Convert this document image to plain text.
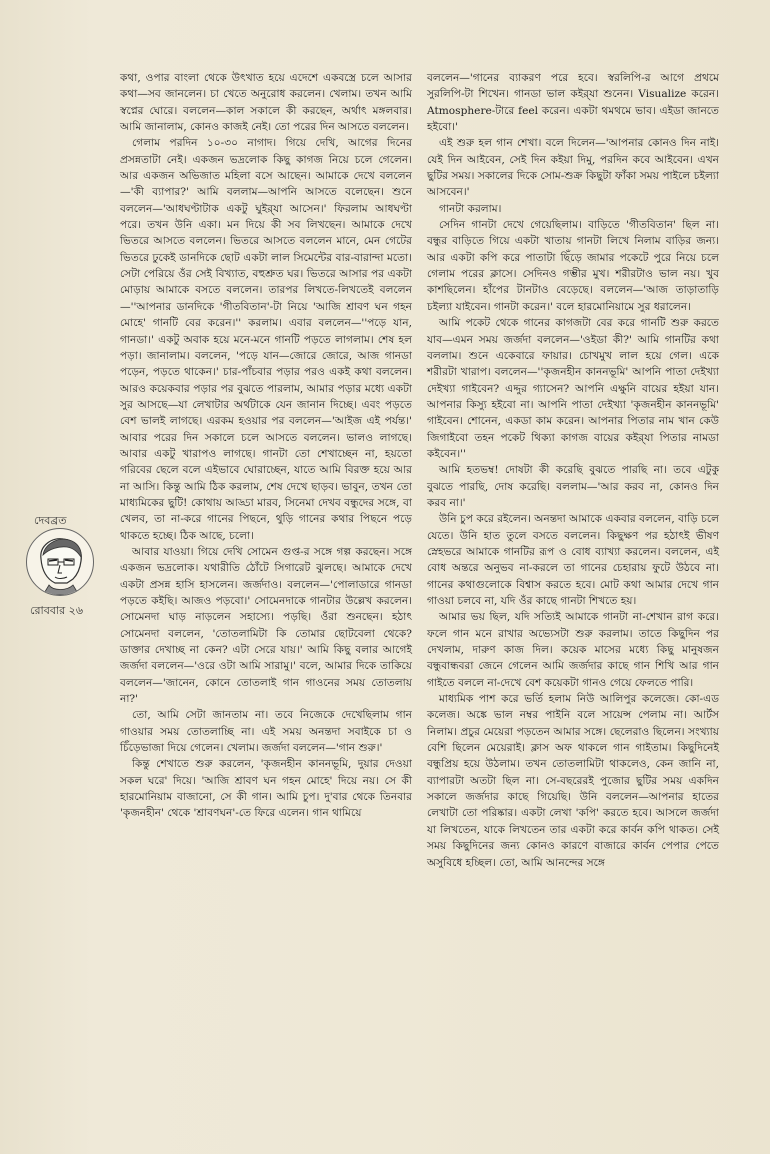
কথা, ওপার বাংলা থেকে উৎখাত হয়ে এদেশে একবস্ত্রে চলে আসার কথা—সব জানলেন। চা খেতে অনুরোধ করলেন। খেলাম। তখন আমি স্বপ্নের ঘোরে। বললেন—কাল সকালে কী করছেন, অর্থাৎ মঙ্গলবার। আমি জানালাম, কোনও কাজই নেই। তো পরের দিন আসতে বললেন।

গেলাম পরদিন ১০-৩০ নাগাদ। গিয়ে দেখি, আগের দিনের প্রসন্নতাটা নেই। একজন ভদ্রলোক কিছু কাগজ নিয়ে চলে গেলেন। আর একজন অভিজাত মহিলা বসে আছেন। আমাকে দেখে বললেন—'কী ব্যাপার?' আমি বললাম—আপনি আসতে বলেছেন। শুনে বললেন—'আধঘণ্টাটাক একটু ঘুইর্‌যা আসেন।' ফিরলাম আধঘণ্টা পরে। তখন উনি একা। মন দিয়ে কী সব লিখছেন। আমাকে দেখে ভিতরে আসতে বললেন। ভিতরে আসতে বললেন মানে, মেন গেটের ভিতরে ঢুকেই ডানদিকে ছোট একটা লাল সিমেন্টের বার-বারান্দা মতো। সেটা পেরিয়ে ওঁর সেই বিখ্যাত, বহুশ্রুত ঘর। ভিতরে আসার পর একটা মোড়ায় আমাকে বসতে বললেন। তারপর লিখতে-লিখতেই বললেন—''আপনার ডানদিকে 'গীতবিতান'-টা নিয়ে 'আজি শ্রাবণ ঘন গহন মোহে' গানটি বের করেন।'' করলাম। এবার বললেন—''পড়ে যান, গানডা।' একটু অবাক হয়ে মনে-মনে গানটি পড়তে লাগলাম। শেষ হল পড়া। জানালাম। বললেন, 'পড়ে যান—জোরে জোরে, আজ গানডা পড়েন, পড়তে থাকেন।' চার-পাঁচবার পড়ার পরও একই কথা বললেন। আরও কয়েকবার পড়ার পর বুঝতে পারলাম, আমার পড়ার মধ্যে একটা সুর আসছে—যা লেখাটার অর্থটাকে যেন জানান দিচ্ছে। এবং পড়তে বেশ ভালই লাগছে। এরকম হওয়ার পর বললেন—'আইজ এই পর্যন্ত।' আবার পরের দিন সকালে চলে আসতে বললেন। ভালও লাগছে। আবার একটু খারাপও লাগছে। গানটা তো শেখাচ্ছেন না, হয়তো গরিবের ছেলে বলে এইভাবে ঘোরাচ্ছেন, যাতে আমি বিরক্ত হয়ে আর না আসি। কিন্তু আমি ঠিক করলাম, শেষ দেখে ছাড়ব। ভাবুন, তখন তো মাধ্যমিকের ছুটি! কোথায় আড্ডা মারব, সিনেমা দেখব বন্ধুদের সঙ্গে, বা খেলব, তা না-করে গানের পিছনে, থুড়ি গানের কথার পিছনে পড়ে থাকতে হচ্ছে। ঠিক আছে, চলো।

আবার যাওয়া। গিয়ে দেখি সোমেন গুপ্ত-র সঙ্গে গল্প করছেন। সঙ্গে একজন ভদ্রলোক। যথারীতি ঠোঁটে সিগারেট ঝুলছে। আমাকে দেখে একটা প্রসন্ন হাসি হাসলেন। জর্জদাও। বললেন—'পোলাডারে গানডা পড়তে কইছি। আজও পড়বো।' সোমেনদাকে গানটার উল্লেখ করলেন। সোমেনদা ঘাড় নাড়লেন সহাস্যে। পড়ছি। ওঁরা শুনছেন। হঠাৎ সোমেনদা বললেন, 'তোতলামিটা কি তোমার ছোটবেলা থেকে? ডাক্তার দেখাচ্ছ না কেন? এটা সেরে যায়।' আমি কিছু বলার আগেই জর্জদা বললেন—'ওরে ওটা আমি সারামু।' বলে, আমার দিকে তাকিয়ে বললেন—'জানেন, কোনে তোতলাই গান গাওনের সময় তোতলায় না?'

তো, আমি সেটা জানতাম না। তবে নিজেকে দেখেছিলাম গান গাওয়ার সময় তোতলাচ্ছি না। এই সময় অনন্তদা সবাইকে চা ও চিঁড়েভাজা দিয়ে গেলেন। খেলাম। জর্জদা বললেন—'গান শুরু।'

কিন্তু শেখাতে শুরু করলেন, 'কৃজনহীন কাননভূমি, দুয়ার দেওয়া সকল ঘরে' দিয়ে। 'আজি শ্রাবণ ঘন গহন মোহে' দিয়ে নয়। সে কী হারমোনিয়াম বাজানো, সে কী গান। আমি চুপ। দু'বার থেকে তিনবার 'কৃজনহীন' থেকে 'শ্রাবণঘন'-তে ফিরে এলেন। গান থামিয়ে

বললেন—'গানের ব্যাকরণ পরে হবে। স্বরলিপি-র আগে প্রথমে সুরলিপি-টা শিখেন। গানডা ভাল কইর্‌যা শুনেন। Visualize করেন। Atmosphere-টারে feel করেন। একটা থমথমে ভাব। এইডা জানতে হইবো।'

এই শুরু হল গান শেখা। বলে দিলেন—'আপনার কোনও দিন নাই। যেই দিন আইবেন, সেই দিন কইয়া দিমু, পরদিন কবে আইবেন। এখন ছুটির সময়। সকালের দিকে সোম-শুক্র কিছুটা ফাঁকা সময় পাইলে চইল্যা আসবেন।'

গানটা করলাম।

সেদিন গানটা দেখে গেয়েছিলাম। বাড়িতে 'গীতবিতান' ছিল না। বন্ধুর বাড়িতে গিয়ে একটা খাতায় গানটা লিখে নিলাম বাড়ির জন্য। আর একটা কপি করে পাতাটা ছিঁড়ে জামার পকেটে পুরে নিয়ে চলে গেলাম পরের ক্লাসে। সেদিনও গম্ভীর মুখ। শরীরটাও ভাল নয়। খুব কাশছিলেন। হাঁপের টানটাও বেড়েছে। বললেন—'আজ তাড়াতাড়ি চইল্যা যাইবেন। গানটা করেন।' বলে হারমোনিয়ামে সুর ধরালেন।

আমি পকেট থেকে গানের কাগজটা বের করে গানটি শুরু করতে যাব—এমন সময় জর্জদা বললেন—'ওইডা কী?' আমি গানটির কথা বললাম। শুনে একেবারে ফায়ার। চোখমুখ লাল হয়ে গেল। একে শরীরটা খারাপ। বললেন—''কৃজনহীন কাননভূমি' আপনি পাতা দেইখ্যা দেইখ্যা গাইবেন? এদ্দুর গ্যাসেন? আপনি এক্ষুনি বায়ের হইয়া যান। আপনার কিস্যু হইবো না। আপনি পাতা দেইখ্যা 'কৃজনহীন কাননভূমি' গাইবেন। শোনেন, একডা কাম করেন। আপনার পিতার নাম খান কেউ জিগাইবো তহন পকেট থিক্যা কাগজ বায়ের কইর্‌যা পিতার নামডা কইবেন।''

আমি হতভম্ব! দোষটা কী করেছি বুঝতে পারছি না। তবে এটুকু বুঝতে পারছি, দোষ করেছি। বললাম—'আর করব না, কোনও দিন করব না।'

উনি চুপ করে রইলেন। অনন্তদা আমাকে একবার বললেন, বাড়ি চলে যেতে। উনি হাত তুলে বসতে বললেন। কিছুক্ষণ পর হঠাৎই ভীষণ স্নেহভরে আমাকে গানটির রূপ ও বোধ ব্যাখ্যা করলেন। বললেন, এই বোধ অন্তরে অনুভব না-করলে তা গানের চেহারায় ফুটে উঠবে না। গানের কথাগুলোকে বিশ্বাস করতে হবে। মোট কথা আমার দেখে গান গাওয়া চলবে না, যদি ওঁর কাছে গানটা শিখতে হয়।

আমার ভয় ছিল, যদি সত্যিই আমাকে গানটা না-শেখান রাগ করে। ফলে গান মনে রাখার অভ্যেসটা শুরু করলাম। তাতে কিছুদিন পর দেখলাম, দারুণ কাজ দিল। কয়েক মাসের মধ্যে কিছু মানুষজন বন্ধুবান্ধবরা জেনে গেলেন আমি জর্জদার কাছে গান শিখি আর গান গাইতে বললে না-দেখে বেশ কয়েকটা গানও গেয়ে ফেলতে পারি।

মাধ্যমিক পাশ করে ভর্তি হলাম নিউ আলিপুর কলেজে। কো-এড কলেজ। অঙ্কে ভাল নম্বর পাইনি বলে সায়েন্স পেলাম না। আর্টস নিলাম। প্রচুর মেয়েরা পড়তেন আমার সঙ্গে। ছেলেরাও ছিলেন। সংখ্যায় বেশি ছিলেন মেয়েরাই। ক্লাস অফ থাকলে গান গাইতাম। কিছুদিনেই বন্ধুপ্রিয় হয়ে উঠলাম। তখন তোতলামিটা থাকলেও, কেন জানি না, ব্যাপারটা অতটা ছিল না। সে-বছরেরই পুজোর ছুটির সময় একদিন সকালে জর্জদার কাছে গিয়েছি। উনি বললেন—আপনার হাতের লেখাটা তো পরিষ্কার। একটা লেখা 'কপি' করতে হবে। আসলে জর্জদা যা লিখতেন, যাকে লিখতেন তার একটা করে কার্বন কপি থাকত। সেই সময় কিছুদিনের জন্য কোনও কারণে বাজারে কার্বন পেপার পেতে অসুবিধে হচ্ছিল। তো, আমি আনন্দের সঙ্গে

দেবব্রত
রোববার ২৬
